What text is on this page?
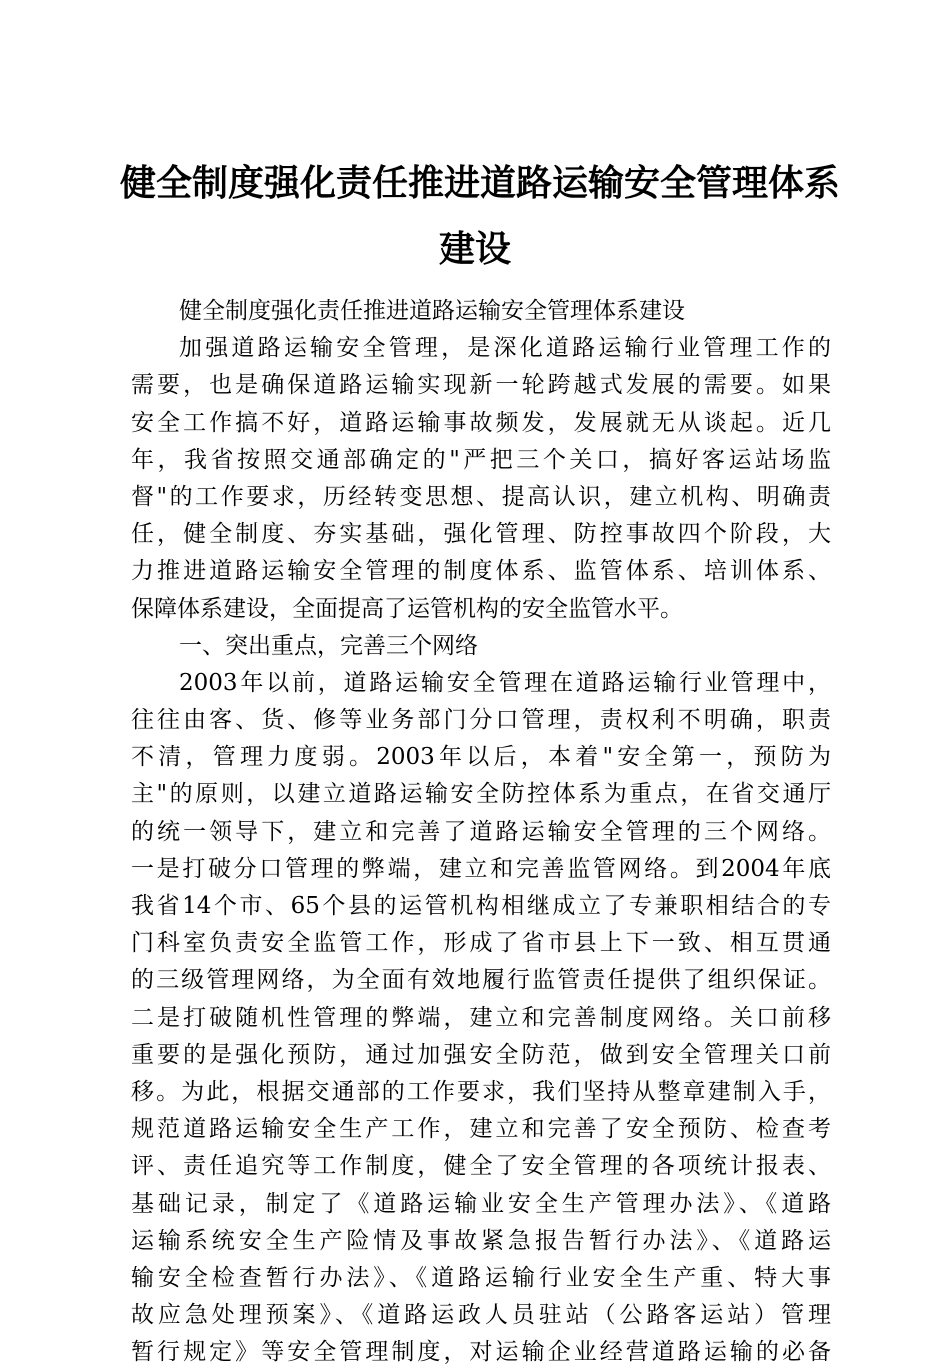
健全制度强化责任推进道路运输安全管理体系
建设
健全制度强化责任推进道路运输安全管理体系建设
加强道路运输安全管理，是深化道路运输行业管理工作的
需要，也是确保道路运输实现新一轮跨越式发展的需要。如果
安全工作搞不好，道路运输事故频发，发展就无从谈起。近几
年，我省按照交通部确定的"严把三个关口，搞好客运站场监
督"的工作要求，历经转变思想、提高认识，建立机构、明确责
任，健全制度、夯实基础，强化管理、防控事故四个阶段，大
力推进道路运输安全管理的制度体系、监管体系、培训体系、
保障体系建设，全面提高了运管机构的安全监管水平。
一、突出重点，完善三个网络
2003年以前，道路运输安全管理在道路运输行业管理中，
往往由客、货、修等业务部门分口管理，责权利不明确，职责
不清，管理力度弱。2003年以后，本着"安全第一，预防为
主"的原则，以建立道路运输安全防控体系为重点，在省交通厅
的统一领导下，建立和完善了道路运输安全管理的三个网络。
一是打破分口管理的弊端，建立和完善监管网络。到2004年底
我省14个市、65个县的运管机构相继成立了专兼职相结合的专
门科室负责安全监管工作，形成了省市县上下一致、相互贯通
的三级管理网络，为全面有效地履行监管责任提供了组织保证。
二是打破随机性管理的弊端，建立和完善制度网络。关口前移
重要的是强化预防，通过加强安全防范，做到安全管理关口前
移。为此，根据交通部的工作要求，我们坚持从整章建制入手，
规范道路运输安全生产工作，建立和完善了安全预防、检查考
评、责任追究等工作制度，健全了安全管理的各项统计报表、
基础记录，制定了《道路运输业安全生产管理办法》、《道路
运输系统安全生产险情及事故紧急报告暂行办法》、《道路运
输安全检查暂行办法》、《道路运输行业安全生产重、特大事
故应急处理预案》、《道路运政人员驻站（公路客运站）管理
暂行规定》等安全管理制度，对运输企业经营道路运输的必备
